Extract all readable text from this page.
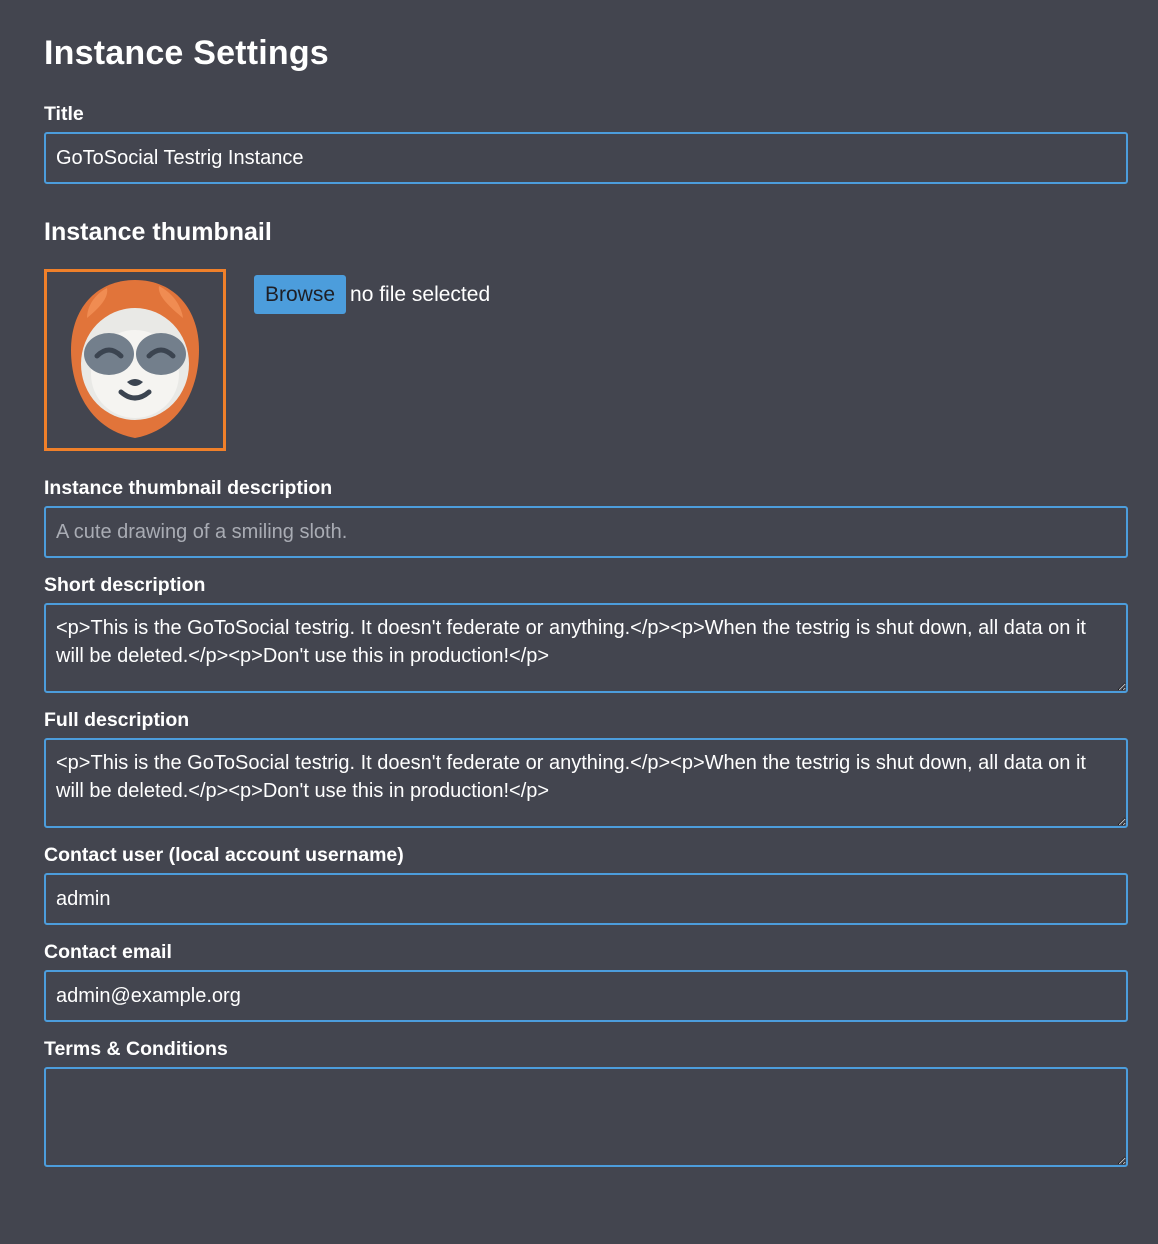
Instance Settings
Title
GoToSocial Testrig Instance
Instance thumbnail
Browse no file selected
Instance thumbnail description
A cute drawing of a smiling sloth.
Short description
<p>This is the GoToSocial testrig. It doesn't federate or anything.</p><p>When the testrig is shut down, all data on it will be deleted.</p><p>Don't use this in production!</p>
Full description
<p>This is the GoToSocial testrig. It doesn't federate or anything.</p><p>When the testrig is shut down, all data on it will be deleted.</p><p>Don't use this in production!</p>
Contact user (local account username)
admin
Contact email
admin@example.org
Terms & Conditions
